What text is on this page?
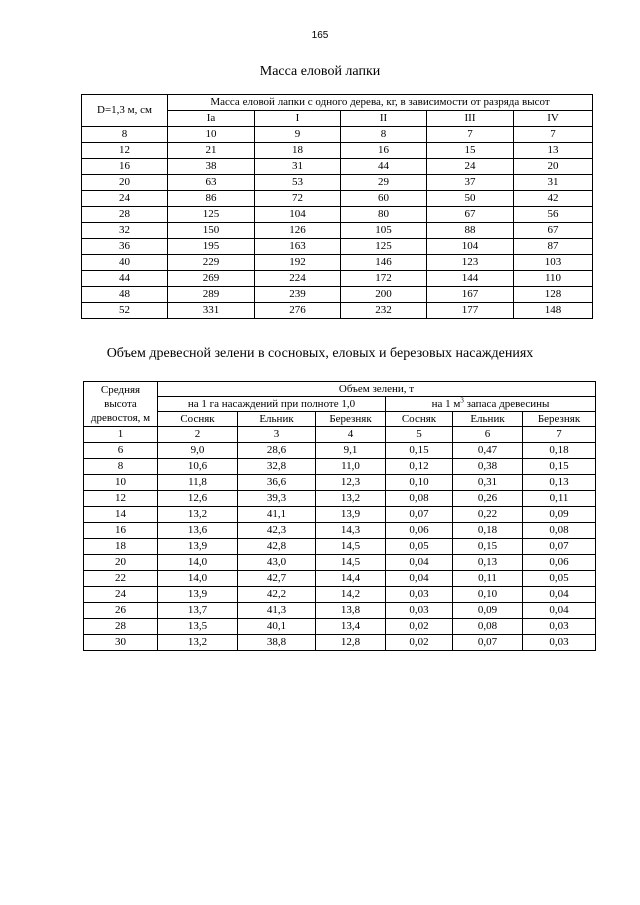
165
Масса еловой лапки
D=1,3 м, см	Масса еловой лапки с одного дерева, кг, в зависимости от разряда высот				
	Iа	I	II	III	IV
8	10	9	8	7	7
12	21	18	16	15	13
16	38	31	44	24	20
20	63	53	29	37	31
24	86	72	60	50	42
28	125	104	80	67	56
32	150	126	105	88	67
36	195	163	125	104	87
40	229	192	146	123	103
44	269	224	172	144	110
48	289	239	200	167	128
52	331	276	232	177	148
Объем древесной зелени в сосновых, еловых и березовых насаждениях
Средняя
высота
древостоя, м	Объем зелени, т					
	на 1 га насаждений при полноте 1,0			на 1 $м^3$ запаса древесины		
	Сосняк	Ельник	Березняк	Сосняк	Ельник	Березняк
1	2	3	4	5	6	7
6	9,0	28,6	9,1	0,15	0,47	0,18
8	10,6	32,8	11,0	0,12	0,38	0,15
10	11,8	36,6	12,3	0,10	0,31	0,13
12	12,6	39,3	13,2	0,08	0,26	0,11
14	13,2	41,1	13,9	0,07	0,22	0,09
16	13,6	42,3	14,3	0,06	0,18	0,08
18	13,9	42,8	14,5	0,05	0,15	0,07
20	14,0	43,0	14,5	0,04	0,13	0,06
22	14,0	42,7	14,4	0,04	0,11	0,05
24	13,9	42,2	14,2	0,03	0,10	0,04
26	13,7	41,3	13,8	0,03	0,09	0,04
28	13,5	40,1	13,4	0,02	0,08	0,03
30	13,2	38,8	12,8	0,02	0,07	0,03
